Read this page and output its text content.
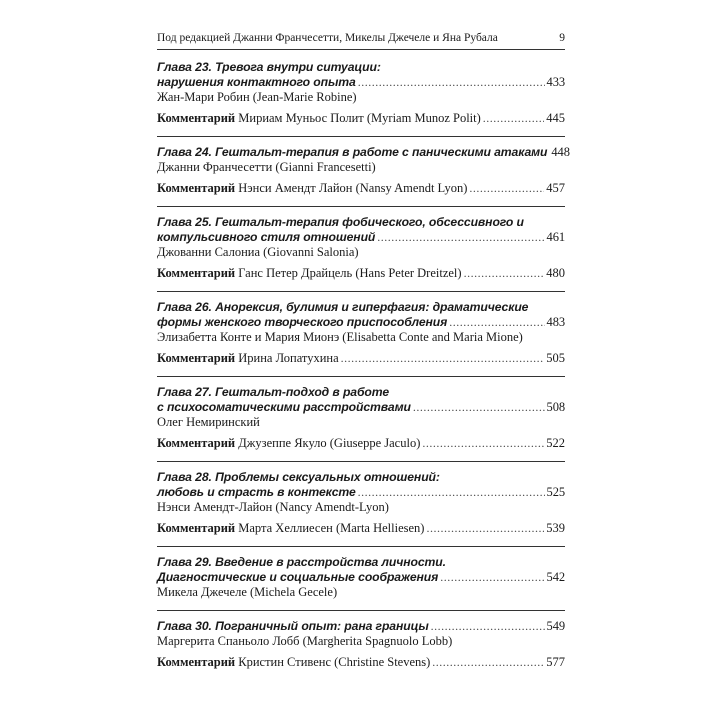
Под редакцией Джанни Франчесетти, Микелы Джечеле и Яна Рубала	9
Глава 23. Тревога внутри ситуации:
нарушения контактного опыта .....	433
Жан-Мари Робин (Jean-Marie Robine)
Комментарий Мириам Муньос Полит (Myriam Munoz Polit) .....	445
Глава 24. Гештальт-терапия в работе с паническими атаками 448
Джанни Франчесетти (Gianni Francesetti)
Комментарий Нэнси Амендт Лайон (Nansy Amendt Lyon) .....	457
Глава 25. Гештальт-терапия фобического, обсессивного и
компульсивного стиля отношений .....	461
Джованни Салониа (Giovanni Salonia)
Комментарий Ганс Петер Драйцель (Hans Peter Dreitzel) .....	480
Глава 26. Анорексия, булимия и гиперфагия: драматические
формы женского творческого приспособления .....	483
Элизабетта Конте и Мария Мионэ (Elisabetta Conte and Maria Mione)
Комментарий Ирина Лопатухина .....	505
Глава 27. Гештальт-подход в работе
с психосоматическими расстройствами .....	508
Олег Немиринский
Комментарий Джузеппе Якуло (Giuseppe Jaculo) .....	522
Глава 28. Проблемы сексуальных отношений:
любовь и страсть в контексте .....	525
Нэнси Амендт-Лайон (Nancy Amendt-Lyon)
Комментарий Марта Хеллиесен (Marta Helliesen) .....	539
Глава 29. Введение в расстройства личности.
Диагностические и социальные соображения .....	542
Микела Джечеле (Michela Gecele)
Глава 30. Пограничный опыт: рана границы .....	549
Маргерита Спаньоло Лобб (Margherita Spagnuolo Lobb)
Комментарий Кристин Стивенс (Christine Stevens) .....	577
